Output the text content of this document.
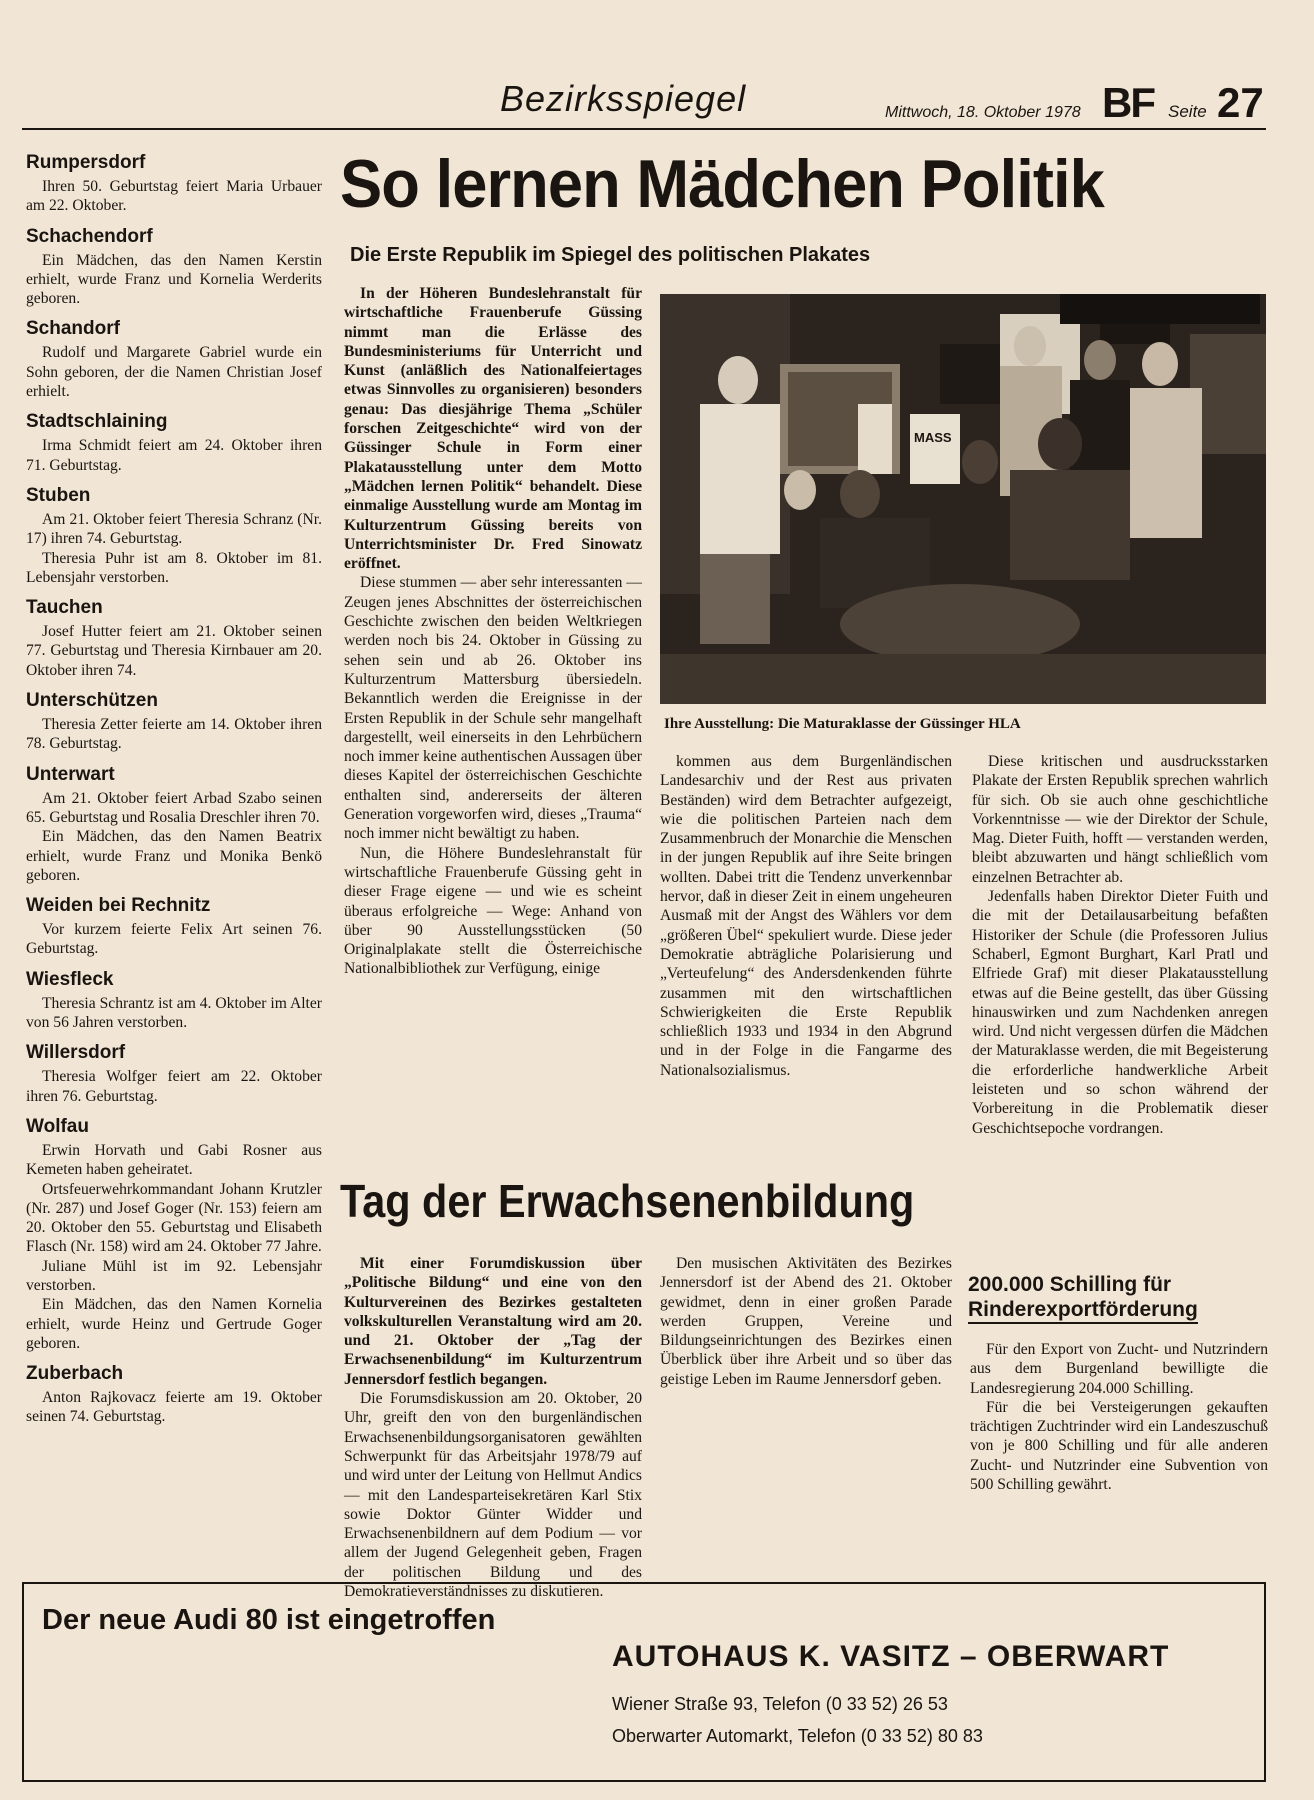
Bezirksspiegel	Mittwoch, 18. Oktober 1978 BF Seite 27
Rumpersdorf

Ihren 50. Geburtstag feiert Maria Urbauer am 22. Oktober.

Schachendorf

Ein Mädchen, das den Namen Kerstin erhielt, wurde Franz und Kornelia Werderits geboren.

Schandorf

Rudolf und Margarete Gabriel wurde ein Sohn geboren, der die Namen Christian Josef erhielt.

Stadtschlaining

Irma Schmidt feiert am 24. Oktober ihren 71. Geburtstag.

Stuben

Am 21. Oktober feiert Theresia Schranz (Nr. 17) ihren 74. Geburtstag.

Theresia Puhr ist am 8. Oktober im 81. Lebensjahr verstorben.

Tauchen

Josef Hutter feiert am 21. Oktober seinen 77. Geburtstag und Theresia Kirnbauer am 20. Oktober ihren 74.

Unterschützen

Theresia Zetter feierte am 14. Oktober ihren 78. Geburtstag.

Unterwart

Am 21. Oktober feiert Arbad Szabo seinen 65. Geburtstag und Rosalia Dreschler ihren 70.

Ein Mädchen, das den Namen Beatrix erhielt, wurde Franz und Monika Benkö geboren.

Weiden bei Rechnitz

Vor kurzem feierte Felix Art seinen 76. Geburtstag.

Wiesfleck

Theresia Schrantz ist am 4. Oktober im Alter von 56 Jahren verstorben.

Willersdorf

Theresia Wolfger feiert am 22. Oktober ihren 76. Geburtstag.

Wolfau

Erwin Horvath und Gabi Rosner aus Kemeten haben geheiratet.

Ortsfeuerwehrkommandant Johann Krutzler (Nr. 287) und Josef Goger (Nr. 153) feiern am 20. Oktober den 55. Geburtstag und Elisabeth Flasch (Nr. 158) wird am 24. Oktober 77 Jahre.

Juliane Mühl ist im 92. Lebensjahr verstorben.

Ein Mädchen, das den Namen Kornelia erhielt, wurde Heinz und Gertrude Goger geboren.

Zuberbach

Anton Rajkovacz feierte am 19. Oktober seinen 74. Geburtstag.

So lernen Mädchen Politik
Die Erste Republik im Spiegel des politischen Plakates

In der Höheren Bundeslehranstalt für wirtschaftliche Frauenberufe Güssing nimmt man die Erlässe des Bundesministeriums für Unterricht und Kunst (anläßlich des Nationalfeiertages etwas Sinnvolles zu organisieren) besonders genau: Das diesjährige Thema „Schüler forschen Zeitgeschichte“ wird von der Güssinger Schule in Form einer Plakatausstellung unter dem Motto „Mädchen lernen Politik“ behandelt. Diese einmalige Ausstellung wurde am Montag im Kulturzentrum Güssing bereits von Unterrichtsminister Dr. Fred Sinowatz eröffnet.

Diese stummen — aber sehr interessanten — Zeugen jenes Abschnittes der österreichischen Geschichte zwischen den beiden Weltkriegen werden noch bis 24. Oktober in Güssing zu sehen sein und ab 26. Oktober ins Kulturzentrum Mattersburg übersiedeln. Bekanntlich werden die Ereignisse in der Ersten Republik in der Schule sehr mangelhaft dargestellt, weil einerseits in den Lehrbüchern noch immer keine authentischen Aussagen über dieses Kapitel der österreichischen Geschichte enthalten sind, andererseits der älteren Generation vorgeworfen wird, dieses „Trauma“ noch immer nicht bewältigt zu haben.

Nun, die Höhere Bundeslehranstalt für wirtschaftliche Frauenberufe Güssing geht in dieser Frage eigene — und wie es scheint überaus erfolgreiche — Wege: Anhand von über 90 Ausstellungsstücken (50 Originalplakate stellt die Österreichische Nationalbibliothek zur Verfügung, einige

MASS
Ihre Ausstellung: Die Maturaklasse der Güssinger HLA

kommen aus dem Burgenländischen Landesarchiv und der Rest aus privaten Beständen) wird dem Betrachter aufgezeigt, wie die politischen Parteien nach dem Zusammenbruch der Monarchie die Menschen in der jungen Republik auf ihre Seite bringen wollten. Dabei tritt die Tendenz unverkennbar hervor, daß in dieser Zeit in einem ungeheuren Ausmaß mit der Angst des Wählers vor dem „größeren Übel“ spekuliert wurde. Diese jeder Demokratie abträgliche Polarisierung und „Verteufelung“ des Andersdenkenden führte zusammen mit den wirtschaftlichen Schwierigkeiten die Erste Republik schließlich 1933 und 1934 in den Abgrund und in der Folge in die Fangarme des Nationalsozialismus.

Diese kritischen und ausdrucksstarken Plakate der Ersten Republik sprechen wahrlich für sich. Ob sie auch ohne geschichtliche Vorkenntnisse — wie der Direktor der Schule, Mag. Dieter Fuith, hofft — verstanden werden, bleibt abzuwarten und hängt schließlich vom einzelnen Betrachter ab.

Jedenfalls haben Direktor Dieter Fuith und die mit der Detailausarbeitung befaßten Historiker der Schule (die Professoren Julius Schaberl, Egmont Burghart, Karl Pratl und Elfriede Graf) mit dieser Plakatausstellung etwas auf die Beine gestellt, das über Güssing hinauswirken und zum Nachdenken anregen wird. Und nicht vergessen dürfen die Mädchen der Maturaklasse werden, die mit Begeisterung die erforderliche handwerkliche Arbeit leisteten und so schon während der Vorbereitung in die Problematik dieser Geschichtsepoche vordrangen.

Tag der Erwachsenenbildung

Mit einer Forumdiskussion über „Politische Bildung“ und eine von den Kulturvereinen des Bezirkes gestalteten volkskulturellen Veranstaltung wird am 20. und 21. Oktober der „Tag der Erwachsenenbildung“ im Kulturzentrum Jennersdorf festlich begangen.

Die Forumsdiskussion am 20. Oktober, 20 Uhr, greift den von den burgenländischen Erwachsenenbildungsorganisatoren gewählten Schwerpunkt für das Arbeitsjahr 1978/79 auf und wird unter der Leitung von Hellmut Andics — mit den Landesparteisekretären Karl Stix sowie Doktor Günter Widder und Erwachsenenbildnern auf dem Podium — vor allem der Jugend Gelegenheit geben, Fragen der politischen Bildung und des Demokratieverständnisses zu diskutieren.

Den musischen Aktivitäten des Bezirkes Jennersdorf ist der Abend des 21. Oktober gewidmet, denn in einer großen Parade werden Gruppen, Vereine und Bildungseinrichtungen des Bezirkes einen Überblick über ihre Arbeit und so über das geistige Leben im Raume Jennersdorf geben.

200.000 Schilling für
Rinderexportförderung

Für den Export von Zucht- und Nutzrindern aus dem Burgenland bewilligte die Landesregierung 204.000 Schilling.

Für die bei Versteigerungen gekauften trächtigen Zuchtrinder wird ein Landeszuschuß von je 800 Schilling und für alle anderen Zucht- und Nutzrinder eine Subvention von 500 Schilling gewährt.

Der neue Audi 80 ist eingetroffen
AUTOHAUS K. VASITZ – OBERWART
Wiener Straße 93, Telefon (0 33 52) 26 53
Oberwarter Automarkt, Telefon (0 33 52) 80 83
